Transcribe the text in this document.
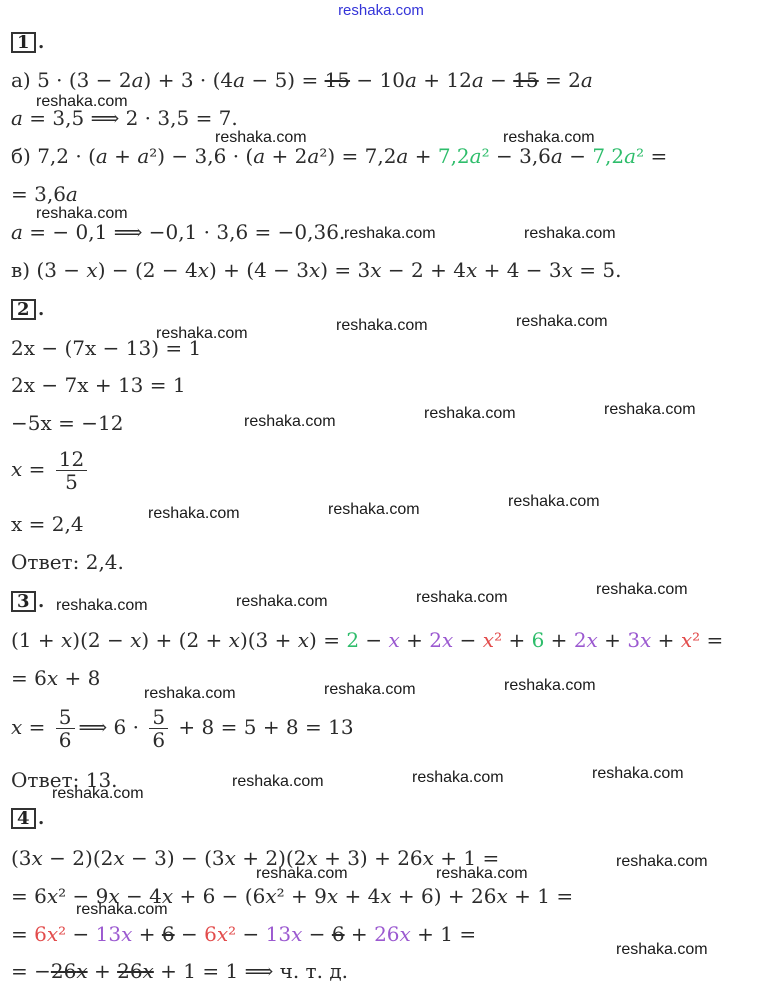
reshaka.com
1 .
а) 5 · (3 − 2a) + 3 · (4a − 5) = 15 − 10a + 12a − 15 = 2a
a = 3,5 ⟹ 2 · 3,5 = 7.
б) 7,2 · (a + a²) − 3,6 · (a + 2a²) = 7,2a + 7,2a² − 3,6a − 7,2a² =
= 3,6a
a = − 0,1 ⟹ −0,1 · 3,6 = −0,36.
в) (3 − x) − (2 − 4x) + (4 − 3x) = 3x − 2 + 4x + 4 − 3x = 5.
2 .
2x − (7x − 13) = 1
2x − 7x + 13 = 1
−5x = −12
$x = \frac{12}{5}$
x = 2,4
Ответ: 2,4.
3 .
(1 + x)(2 − x) + (2 + x)(3 + x) = 2 − x + 2x − x² + 6 + 2x + 3x + x² =
= 6x + 8
$x = \frac{5}{6}$ ⟹ $6 \cdot \frac{5}{6} + 8 = 5 + 8 = 13$
Ответ: 13.
4 .
(3x − 2)(2x − 3) − (3x + 2)(2x + 3) + 26x + 1 =
= 6x² − 9x − 4x + 6 − (6x² + 9x + 4x + 6) + 26x + 1 =
= 6x² − 13x + 6 − 6x² − 13x − 6 + 26x + 1 =
= −26x + 26x + 1 = 1 ⟹ ч. т. д.
reshaka.com
reshaka.com	reshaka.com
reshaka.com
reshaka.com	reshaka.com
reshaka.com	reshaka.com	reshaka.com
reshaka.com	reshaka.com	reshaka.com
reshaka.com	reshaka.com	reshaka.com
reshaka.com	reshaka.com	reshaka.com	reshaka.com
reshaka.com	reshaka.com	reshaka.com
reshaka.com	reshaka.com	reshaka.com
reshaka.com
reshaka.com
reshaka.com	reshaka.com
reshaka.com
reshaka.com
